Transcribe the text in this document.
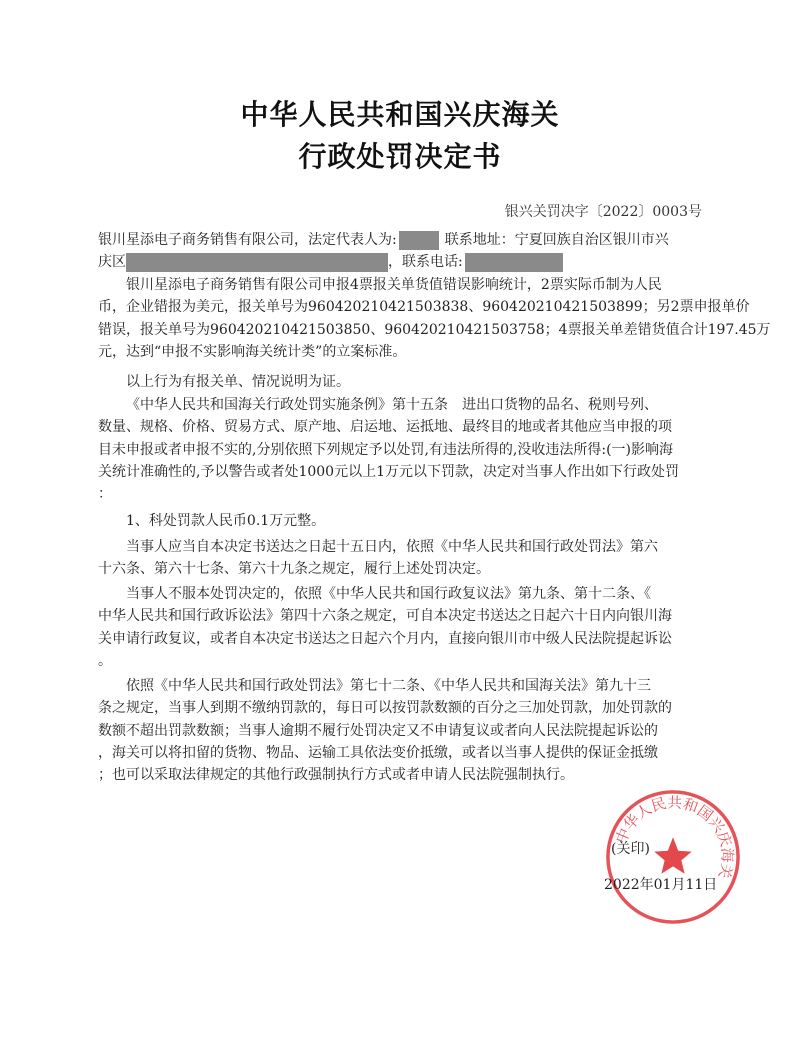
中华人民共和国兴庆海关
行政处罚决定书
银兴关罚决字〔2022〕0003号
银川星添电子商务销售有限公司，法定代表人为:	联系地址：宁夏回族自治区银川市兴
庆区	，联系电话:
银川星添电子商务销售有限公司申报4票报关单货值错误影响统计，2票实际币制为人民
币，企业错报为美元，报关单号为960420210421503838、960420210421503899；另2票申报单价
错误，报关单号为960420210421503850、960420210421503758；4票报关单差错货值合计197.45万
元，达到“申报不实影响海关统计类”的立案标准。
以上行为有报关单、情况说明为证。
《中华人民共和国海关行政处罚实施条例》第十五条　进出口货物的品名、税则号列、
数量、规格、价格、贸易方式、原产地、启运地、运抵地、最终目的地或者其他应当申报的项
目未申报或者申报不实的,分别依照下列规定予以处罚,有违法所得的,没收违法所得:(一)影响海
关统计准确性的,予以警告或者处1000元以上1万元以下罚款，决定对当事人作出如下行政处罚
：
1、科处罚款人民币0.1万元整。
当事人应当自本决定书送达之日起十五日内，依照《中华人民共和国行政处罚法》第六
十六条、第六十七条、第六十九条之规定，履行上述处罚决定。
当事人不服本处罚决定的，依照《中华人民共和国行政复议法》第九条、第十二条、《
中华人民共和国行政诉讼法》第四十六条之规定，可自本决定书送达之日起六十日内向银川海
关申请行政复议，或者自本决定书送达之日起六个月内，直接向银川市中级人民法院提起诉讼
。
依照《中华人民共和国行政处罚法》第七十二条、《中华人民共和国海关法》第九十三
条之规定，当事人到期不缴纳罚款的，每日可以按罚款数额的百分之三加处罚款，加处罚款的
数额不超出罚款数额；当事人逾期不履行处罚决定又不申请复议或者向人民法院提起诉讼的
，海关可以将扣留的货物、物品、运输工具依法变价抵缴，或者以当事人提供的保证金抵缴
；也可以采取法律规定的其他行政强制执行方式或者申请人民法院强制执行。
中华人民共和国兴庆海关
(关印)
2022年01月11日
